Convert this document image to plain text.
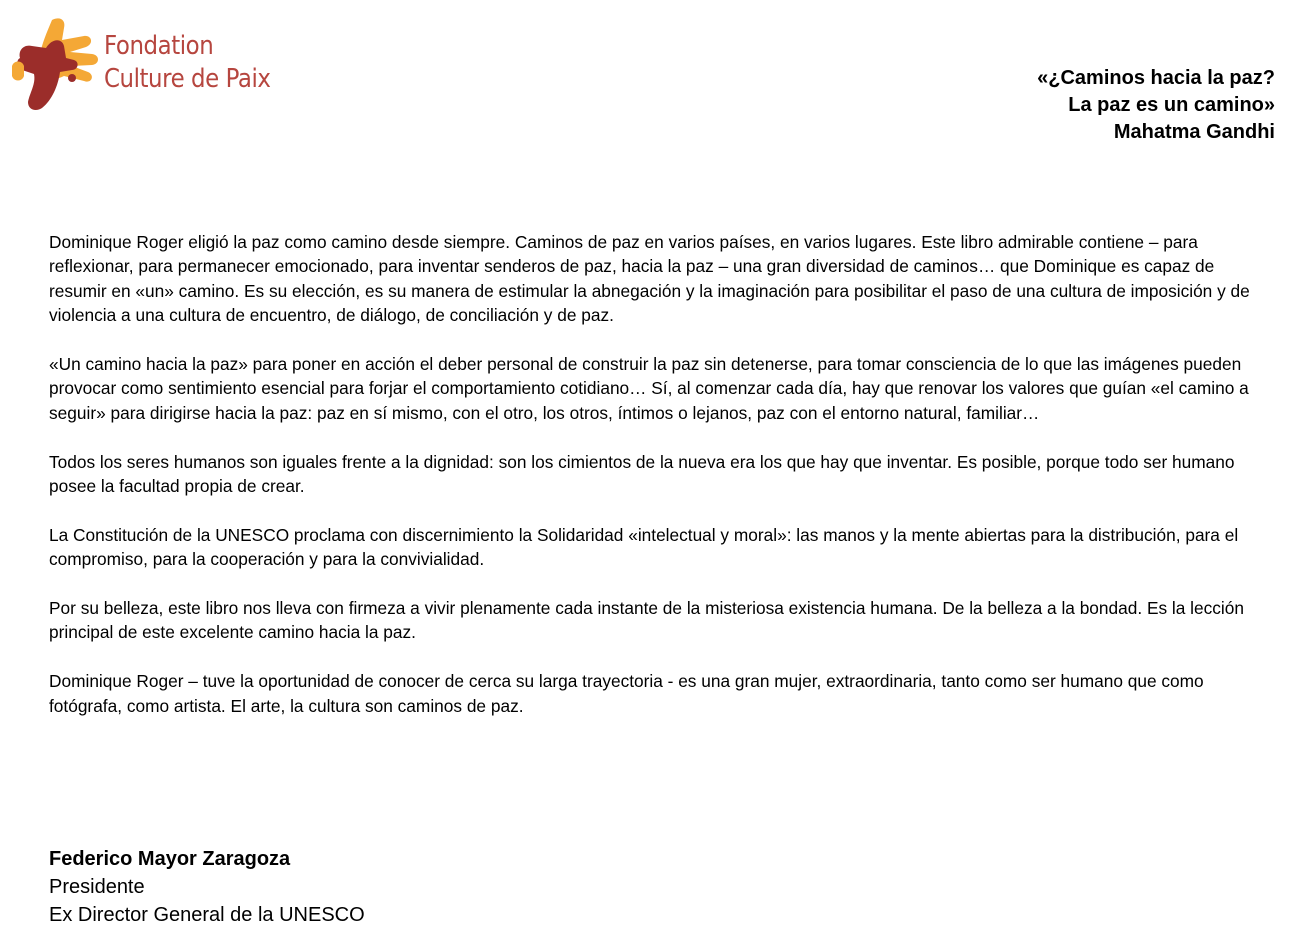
Fondation
Culture de Paix	«¿Caminos hacia la paz?
La paz es un camino»
Mahatma Gandhi

Dominique Roger eligió la paz como camino desde siempre. Caminos de paz en varios países, en varios lugares. Este libro admirable contiene – para reflexionar, para permanecer emocionado, para inventar senderos de paz, hacia la paz – una gran diversidad de caminos… que Dominique es capaz de resumir en «un» camino. Es su elección, es su manera de estimular la abnegación y la imaginación para posibilitar el paso de una cultura de imposición y de violencia a una cultura de encuentro, de diálogo, de conciliación y de paz.

«Un camino hacia la paz» para poner en acción el deber personal de construir la paz sin detenerse, para tomar consciencia de lo que las imágenes pueden provocar como sentimiento esencial para forjar el comportamiento cotidiano… Sí, al comenzar cada día, hay que renovar los valores que guían «el camino a seguir» para dirigirse hacia la paz: paz en sí mismo, con el otro, los otros, íntimos o lejanos, paz con el entorno natural, familiar…

Todos los seres humanos son iguales frente a la dignidad: son los cimientos de la nueva era los que hay que inventar. Es posible, porque todo ser humano posee la facultad propia de crear.

La Constitución de la UNESCO proclama con discernimiento la Solidaridad «intelectual y moral»: las manos y la mente abiertas para la distribución, para el compromiso, para la cooperación y para la convivialidad.

Por su belleza, este libro nos lleva con firmeza a vivir plenamente cada instante de la misteriosa existencia humana. De la belleza a la bondad. Es la lección principal de este excelente camino hacia la paz.

Dominique Roger – tuve la oportunidad de conocer de cerca su larga trayectoria - es una gran mujer, extraordinaria, tanto como ser humano que como fotógrafa, como artista. El arte, la cultura son caminos de paz.

Federico Mayor Zaragoza
Presidente
Ex Director General de la UNESCO
